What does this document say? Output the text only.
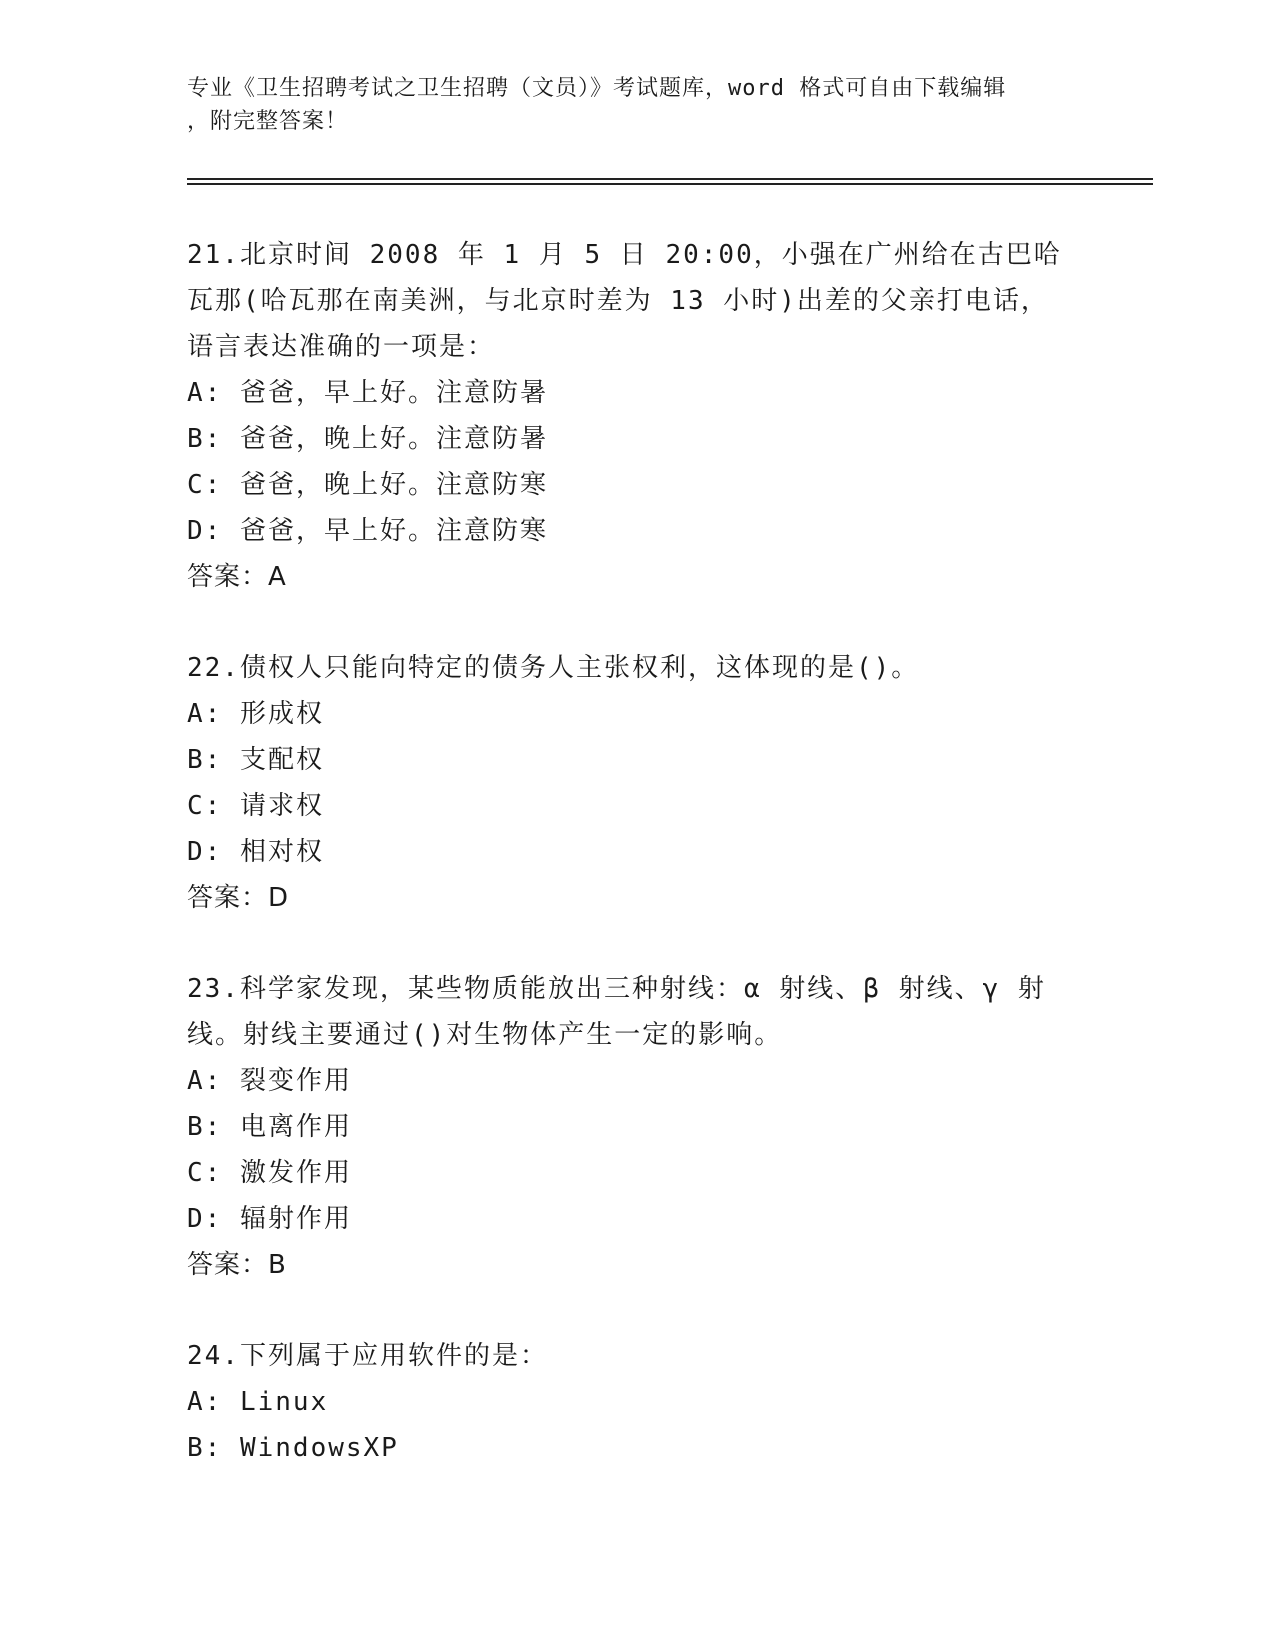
专业《卫生招聘考试之卫生招聘（文员）》考试题库，word 格式可自由下载编辑
，附完整答案！

21.北京时间 2008 年 1 月 5 日 20:00，小强在广州给在古巴哈瓦那(哈瓦那在南美洲，与北京时差为 13 小时)出差的父亲打电话，语言表达准确的一项是：

A: 爸爸，早上好。注意防暑

B: 爸爸，晚上好。注意防暑

C: 爸爸，晚上好。注意防寒

D: 爸爸，早上好。注意防寒

答案：A

22.债权人只能向特定的债务人主张权利，这体现的是()。

A: 形成权

B: 支配权

C: 请求权

D: 相对权

答案：D

23.科学家发现，某些物质能放出三种射线：α 射线、β 射线、γ 射线。射线主要通过()对生物体产生一定的影响。

A: 裂变作用

B: 电离作用

C: 激发作用

D: 辐射作用

答案：B

24.下列属于应用软件的是：

A: Linux

B: WindowsXP
